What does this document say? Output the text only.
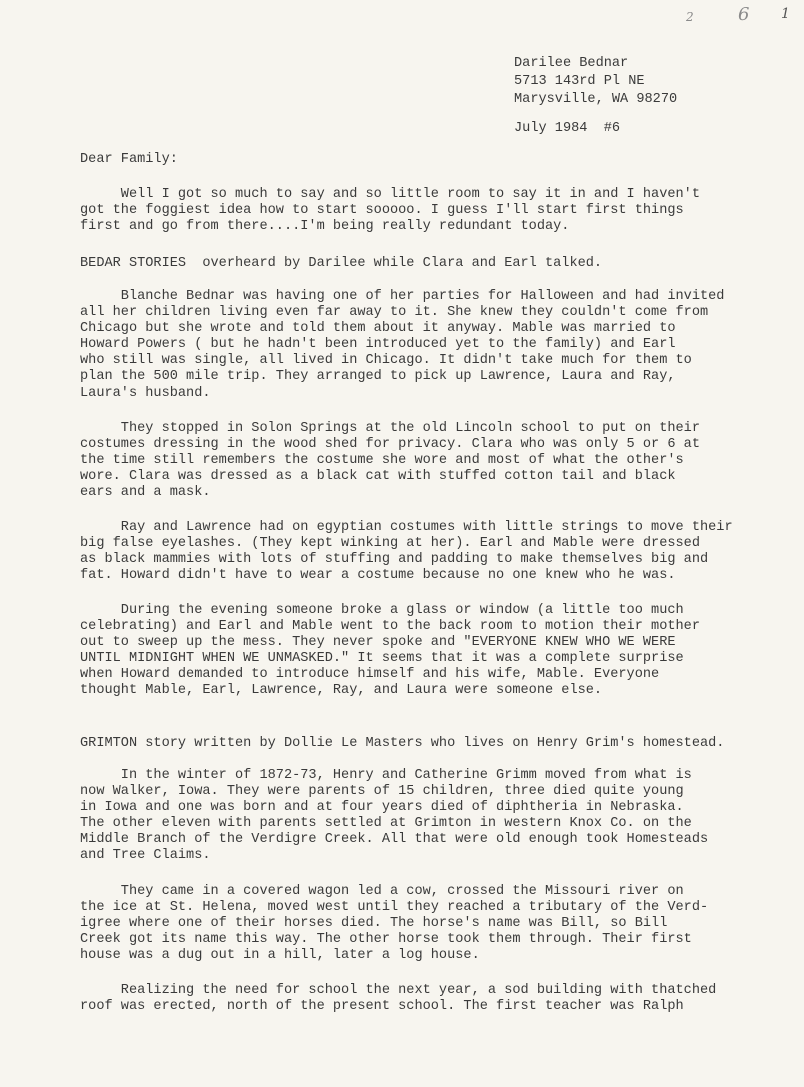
2 6 1
Darilee Bednar
5713 143rd Pl NE
Marysville, WA 98270
July 1984  #6
Dear Family:
Well I got so much to say and so little room to say it in and I haven't
got the foggiest idea how to start sooooo. I guess I'll start first things
first and go from there....I'm being really redundant today.
BEDAR STORIES  overheard by Darilee while Clara and Earl talked.
Blanche Bednar was having one of her parties for Halloween and had invited
all her children living even far away to it. She knew they couldn't come from
Chicago but she wrote and told them about it anyway. Mable was married to
Howard Powers ( but he hadn't been introduced yet to the family) and Earl
who still was single, all lived in Chicago. It didn't take much for them to
plan the 500 mile trip. They arranged to pick up Lawrence, Laura and Ray,
Laura's husband.
They stopped in Solon Springs at the old Lincoln school to put on their
costumes dressing in the wood shed for privacy. Clara who was only 5 or 6 at
the time still remembers the costume she wore and most of what the other's
wore. Clara was dressed as a black cat with stuffed cotton tail and black
ears and a mask.
Ray and Lawrence had on egyptian costumes with little strings to move their
big false eyelashes. (They kept winking at her). Earl and Mable were dressed
as black mammies with lots of stuffing and padding to make themselves big and
fat. Howard didn't have to wear a costume because no one knew who he was.
During the evening someone broke a glass or window (a little too much
celebrating) and Earl and Mable went to the back room to motion their mother
out to sweep up the mess. They never spoke and "EVERYONE KNEW WHO WE WERE
UNTIL MIDNIGHT WHEN WE UNMASKED." It seems that it was a complete surprise
when Howard demanded to introduce himself and his wife, Mable. Everyone
thought Mable, Earl, Lawrence, Ray, and Laura were someone else.
GRIMTON story written by Dollie Le Masters who lives on Henry Grim's homestead.
In the winter of 1872-73, Henry and Catherine Grimm moved from what is
now Walker, Iowa. They were parents of 15 children, three died quite young
in Iowa and one was born and at four years died of diphtheria in Nebraska.
The other eleven with parents settled at Grimton in western Knox Co. on the
Middle Branch of the Verdigre Creek. All that were old enough took Homesteads
and Tree Claims.
They came in a covered wagon led a cow, crossed the Missouri river on
the ice at St. Helena, moved west until they reached a tributary of the Verd-
igree where one of their horses died. The horse's name was Bill, so Bill
Creek got its name this way. The other horse took them through. Their first
house was a dug out in a hill, later a log house.
Realizing the need for school the next year, a sod building with thatched
roof was erected, north of the present school. The first teacher was Ralph
